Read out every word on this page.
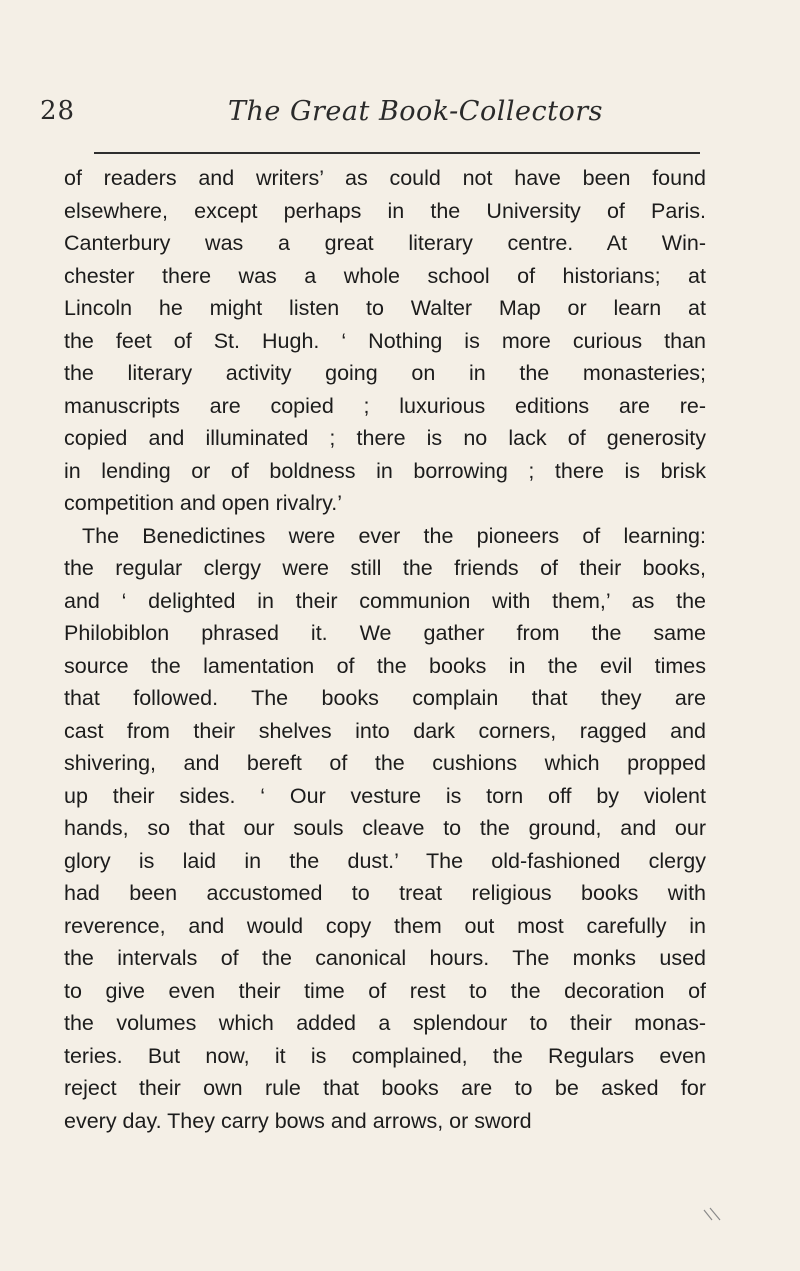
28	The Great Book-Collectors
of readers and writers’ as could not have been found
elsewhere, except perhaps in the University of Paris.
Canterbury was a great literary centre. At Win-
chester there was a whole school of historians; at
Lincoln he might listen to Walter Map or learn at
the feet of St. Hugh. ‘ Nothing is more curious than
the literary activity going on in the monasteries;
manuscripts are copied ; luxurious editions are re-
copied and illuminated ; there is no lack of generosity
in lending or of boldness in borrowing ; there is brisk
competition and open rivalry.’
The Benedictines were ever the pioneers of learning:
the regular clergy were still the friends of their books,
and ‘ delighted in their communion with them,’ as the
Philobiblon phrased it. We gather from the same
source the lamentation of the books in the evil times
that followed. The books complain that they are
cast from their shelves into dark corners, ragged and
shivering, and bereft of the cushions which propped
up their sides. ‘ Our vesture is torn off by violent
hands, so that our souls cleave to the ground, and our
glory is laid in the dust.’ The old-fashioned clergy
had been accustomed to treat religious books with
reverence, and would copy them out most carefully in
the intervals of the canonical hours. The monks used
to give even their time of rest to the decoration of
the volumes which added a splendour to their monas-
teries. But now, it is complained, the Regulars even
reject their own rule that books are to be asked for
every day. They carry bows and arrows, or sword
